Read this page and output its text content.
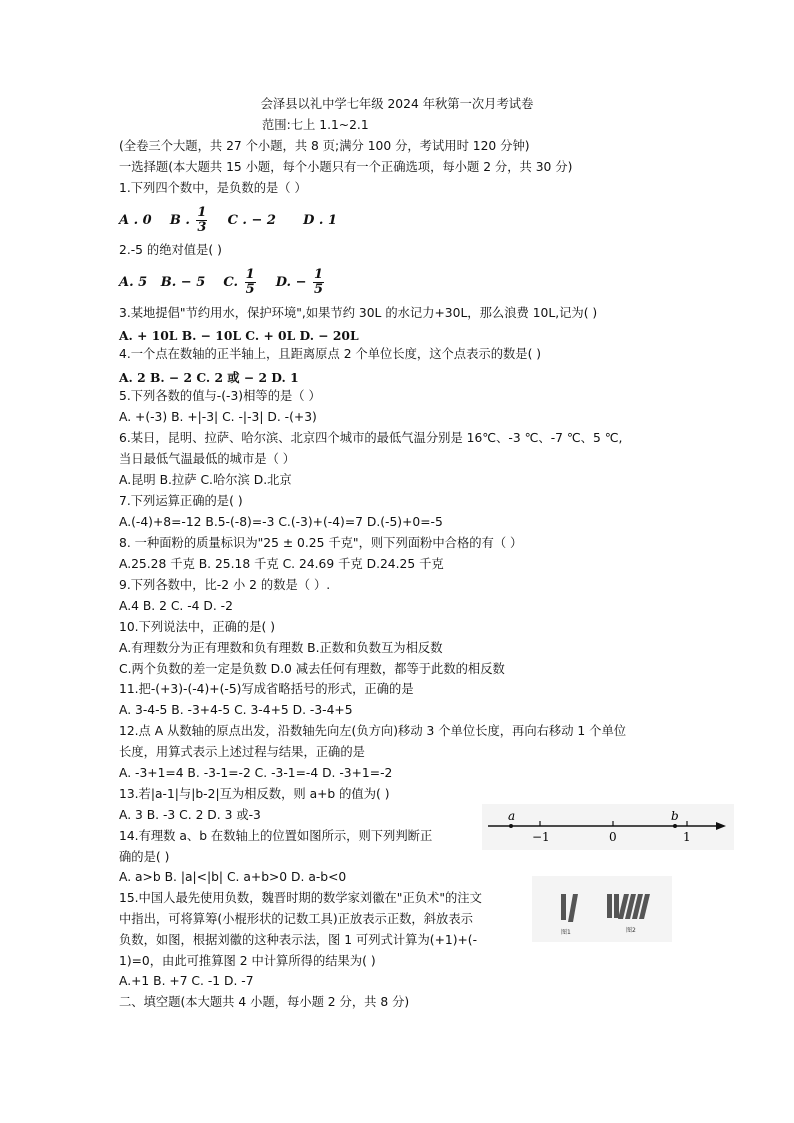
会泽县以礼中学七年级 2024 年秋第一次月考试卷
范围:七上 1.1~2.1
(全卷三个大题，共 27 个小题，共 8 页;满分 100 分，考试用时 120 分钟)
一选择题(本大题共 15 小题，每个小题只有一个正确选项，每小题 2 分，共 30 分)
1.下列四个数中，是负数的是（ ）
A . 0 B . $\frac{1}{3}$ C . − 2 D . 1
2.-5 的绝对值是( )
A. 5 B. − 5 C. $\frac{1}{5} D$. − $\frac{1}{5}$
3.某地提倡"节约用水，保护环境",如果节约 30L 的水记力+30L，那么浪费 10L,记为( )
A. + 10L B. − 10L C. + 0L D. − 20L
4.一个点在数轴的正半轴上，且距离原点 2 个单位长度，这个点表示的数是( )
A. 2 B. − 2 C. 2 或 − 2 D. 1
5.下列各数的值与-(-3)相等的是（ ）
A. +(-3) B. +|-3| C. -|-3| D. -(+3)
6.某日，昆明、拉萨、哈尔滨、北京四个城市的最低气温分别是 16℃、-3 ℃、-7 ℃、5 ℃,
当日最低气温最低的城市是（ ）
A.昆明 B.拉萨 C.哈尔滨 D.北京
7.下列运算正确的是( )
A.(-4)+8=-12 B.5-(-8)=-3 C.(-3)+(-4)=7 D.(-5)+0=-5
8. 一种面粉的质量标识为"25 ± 0.25 千克"，则下列面粉中合格的有（ ）
A.25.28 千克 B. 25.18 千克 C. 24.69 千克 D.24.25 千克
9.下列各数中，比-2 小 2 的数是（ ）.
A.4 B. 2 C. -4 D. -2
10.下列说法中，正确的是( )
A.有理数分为正有理数和负有理数 B.正数和负数互为相反数
C.两个负数的差一定是负数 D.0 减去任何有理数，都等于此数的相反数
11.把-(+3)-(-4)+(-5)写成省略括号的形式，正确的是
A. 3-4-5 B. -3+4-5 C. 3-4+5 D. -3-4+5
12.点 A 从数轴的原点出发，沿数轴先向左(负方向)移动 3 个单位长度，再向右移动 1 个单位
长度，用算式表示上述过程与结果，正确的是
A. -3+1=4 B. -3-1=-2 C. -3-1=-4 D. -3+1=-2
13.若|a-1|与|b-2|互为相反数，则 a+b 的值为( )
A. 3 B. -3 C. 2 D. 3 或-3
14.有理数 a、b 在数轴上的位置如图所示，则下列判断正
确的是( )
A. a>b B. |a|<|b| C. a+b>0 D. a-b<0
a	b
−1	0	1
15.中国人最先使用负数，魏晋时期的数学家刘徽在"正负术"的注文
中指出，可将算筹(小棍形状的记数工具)正放表示正数，斜放表示
负数，如图，根据刘徽的这种表示法，图 1 可列式计算为(+1)+(-
1)=0，由此可推算图 2 中计算所得的结果为( )
A.+1 B. +7 C. -1 D. -7
图1	图2
二、填空题(本大题共 4 小题，每小题 2 分，共 8 分)
